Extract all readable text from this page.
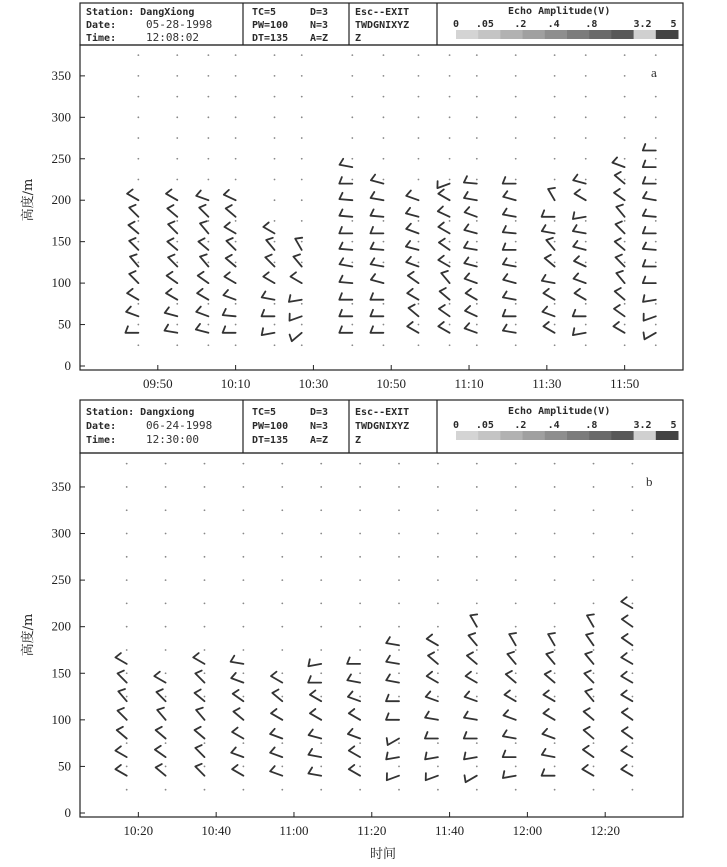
Station: DangXiong
Date:	05-28-1998
Time:	12:08:02
TC=5	D=3
PW=100 N=3
DT=135 A=Z
Esc--EXIT
TWDGNIXYZ
Z
Echo Amplitude(V)
0 .05 .2 .4	.8	3.2 5
0
50
100
150
200
250
300
350
09:50	10:10	10:30	10:50	11:10	11:30	11:50
a
高度/m
Station: Dangxiong
Date:	06-24-1998
Time:	12:30:00
TC=5	D=3
PW=100 N=3
DT=135 A=Z
Esc--EXIT
TWDGNIXYZ
Z
Echo Amplitude(V)
0 .05 .2 .4	.8	3.2 5
0
50
100
150
200
250
300
350
10:20	10:40	11:00	11:20	11:40	12:00	12:20
b
高度/m
时间
